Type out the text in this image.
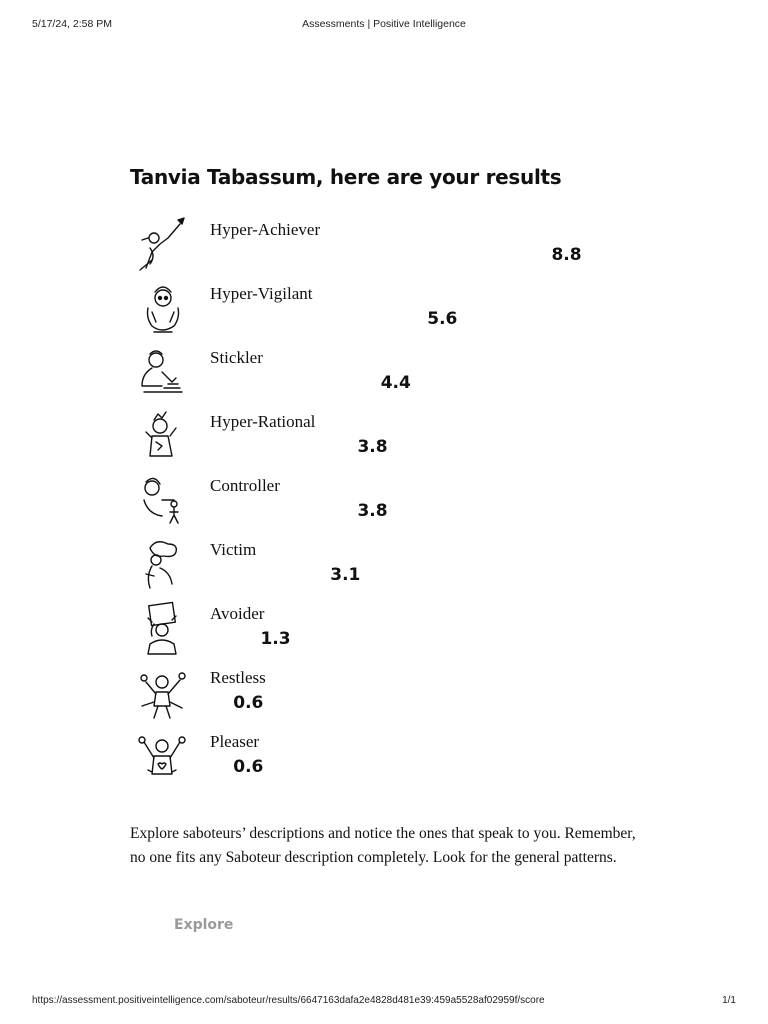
5/17/24, 2:58 PM	Assessments | Positive Intelligence
Tanvia Tabassum, here are your results
Hyper-Achiever
8.8
Hyper-Vigilant
5.6
Stickler
4.4
Hyper-Rational
3.8
Controller
3.8
Victim
3.1
Avoider
1.3
Restless
0.6
Pleaser
0.6

Explore saboteurs’ descriptions and notice the ones that speak to you. Remember, no one fits any Saboteur description completely. Look for the general patterns.

Explore
https://assessment.positiveintelligence.com/saboteur/results/6647163dafa2e4828d481e39:459a5528af02959f/score	1/1
